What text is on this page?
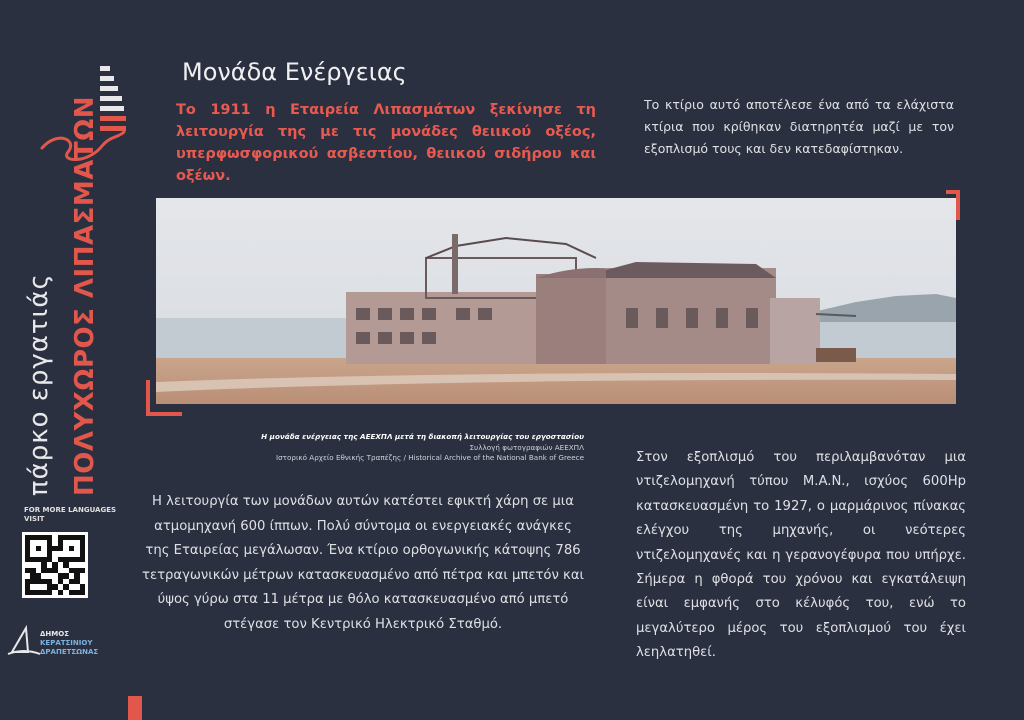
πάρκο εργατιάς ΠΟΛΥΧΩΡΟΣ ΛΙΠΑΣΜΑΤΩΝ
FOR MORE LANGUAGES VISIT
ΔΗΜΟΣ
ΚΕΡΑΤΣΙΝΙΟΥ
ΔΡΑΠΕΤΣΩΝΑΣ
Μονάδα Ενέργειας
Το 1911 η Εταιρεία Λιπασμάτων ξεκίνησε τη λειτουργία της με τις μονάδες θειικού οξέος, υπερφωσφορικού ασβεστίου, θειικού σιδήρου και οξέων.
Το κτίριο αυτό αποτέλεσε ένα από τα ελάχιστα κτίρια που κρίθηκαν διατηρητέα μαζί με τον εξοπλισμό τους και δεν κατεδαφίστηκαν.
Η μονάδα ενέργειας της ΑΕΕΧΠΛ μετά τη διακοπή λειτουργίας του εργοστασίου
Συλλογή φωτογραφιών ΑΕΕΧΠΛ
Ιστορικό Αρχείο Εθνικής Τραπέζης / Historical Archive of the National Bank of Greece
Η λειτουργία των μονάδων αυτών κατέστει εφικτή χάρη σε μια ατμομηχανή 600 ίππων. Πολύ σύντομα οι ενεργειακές ανάγκες της Εταιρείας μεγάλωσαν. Ένα κτίριο ορθογωνικής κάτοψης 786 τετραγωνικών μέτρων κατασκευασμένο από πέτρα και μπετόν και ύψος γύρω στα 11 μέτρα με θόλο κατασκευασμένο από μπετό στέγασε τον Κεντρικό Ηλεκτρικό Σταθμό.
Στον εξοπλισμό του περιλαμβανόταν μια ντιζελομηχανή τύπου M.A.N., ισχύος 600Hp κατασκευασμένη το 1927, ο μαρμάρινος πίνακας ελέγχου της μηχανής, οι νεότερες ντιζελομηχανές και η γερανογέφυρα που υπήρχε. Σήμερα η φθορά του χρόνου και εγκατάλειψη είναι εμφανής στο κέλυφός του, ενώ το μεγαλύτερο μέρος του εξοπλισμού του έχει λεηλατηθεί.
